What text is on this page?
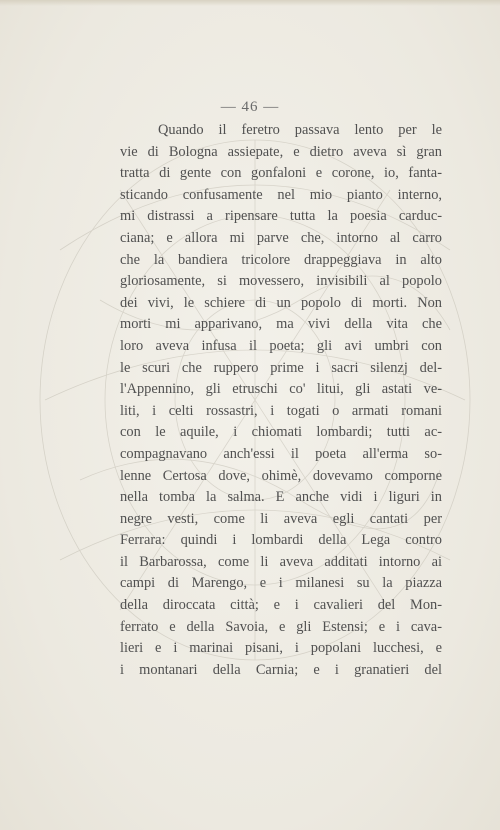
— 46 —
Quando il feretro passava lento per le
vie di Bologna assiepate, e dietro aveva sì gran
tratta di gente con gonfaloni e corone, io, fanta-
sticando confusamente nel mio pianto interno,
mi distrassi a ripensare tutta la poesia carduc-
ciana; e allora mi parve che, intorno al carro
che la bandiera tricolore drappeggiava in alto
gloriosamente, si movessero, invisibili al popolo
dei vivi, le schiere di un popolo di morti. Non
morti mi apparivano, ma vivi della vita che
loro aveva infusa il poeta; gli avi umbri con
le scuri che ruppero prime i sacri silenzj del-
l'Appennino, gli etruschi co' litui, gli astati ve-
liti, i celti rossastri, i togati o armati romani
con le aquile, i chiomati lombardi; tutti ac-
compagnavano anch'essi il poeta all'erma so-
lenne Certosa dove, ohimè, dovevamo comporne
nella tomba la salma. E anche vidi i liguri in
negre vesti, come li aveva egli cantati per
Ferrara: quindi i lombardi della Lega contro
il Barbarossa, come li aveva additati intorno ai
campi di Marengo, e i milanesi su la piazza
della diroccata città; e i cavalieri del Mon-
ferrato e della Savoia, e gli Estensi; e i cava-
lieri e i marinai pisani, i popolani lucchesi, e
i montanari della Carnia; e i granatieri del
